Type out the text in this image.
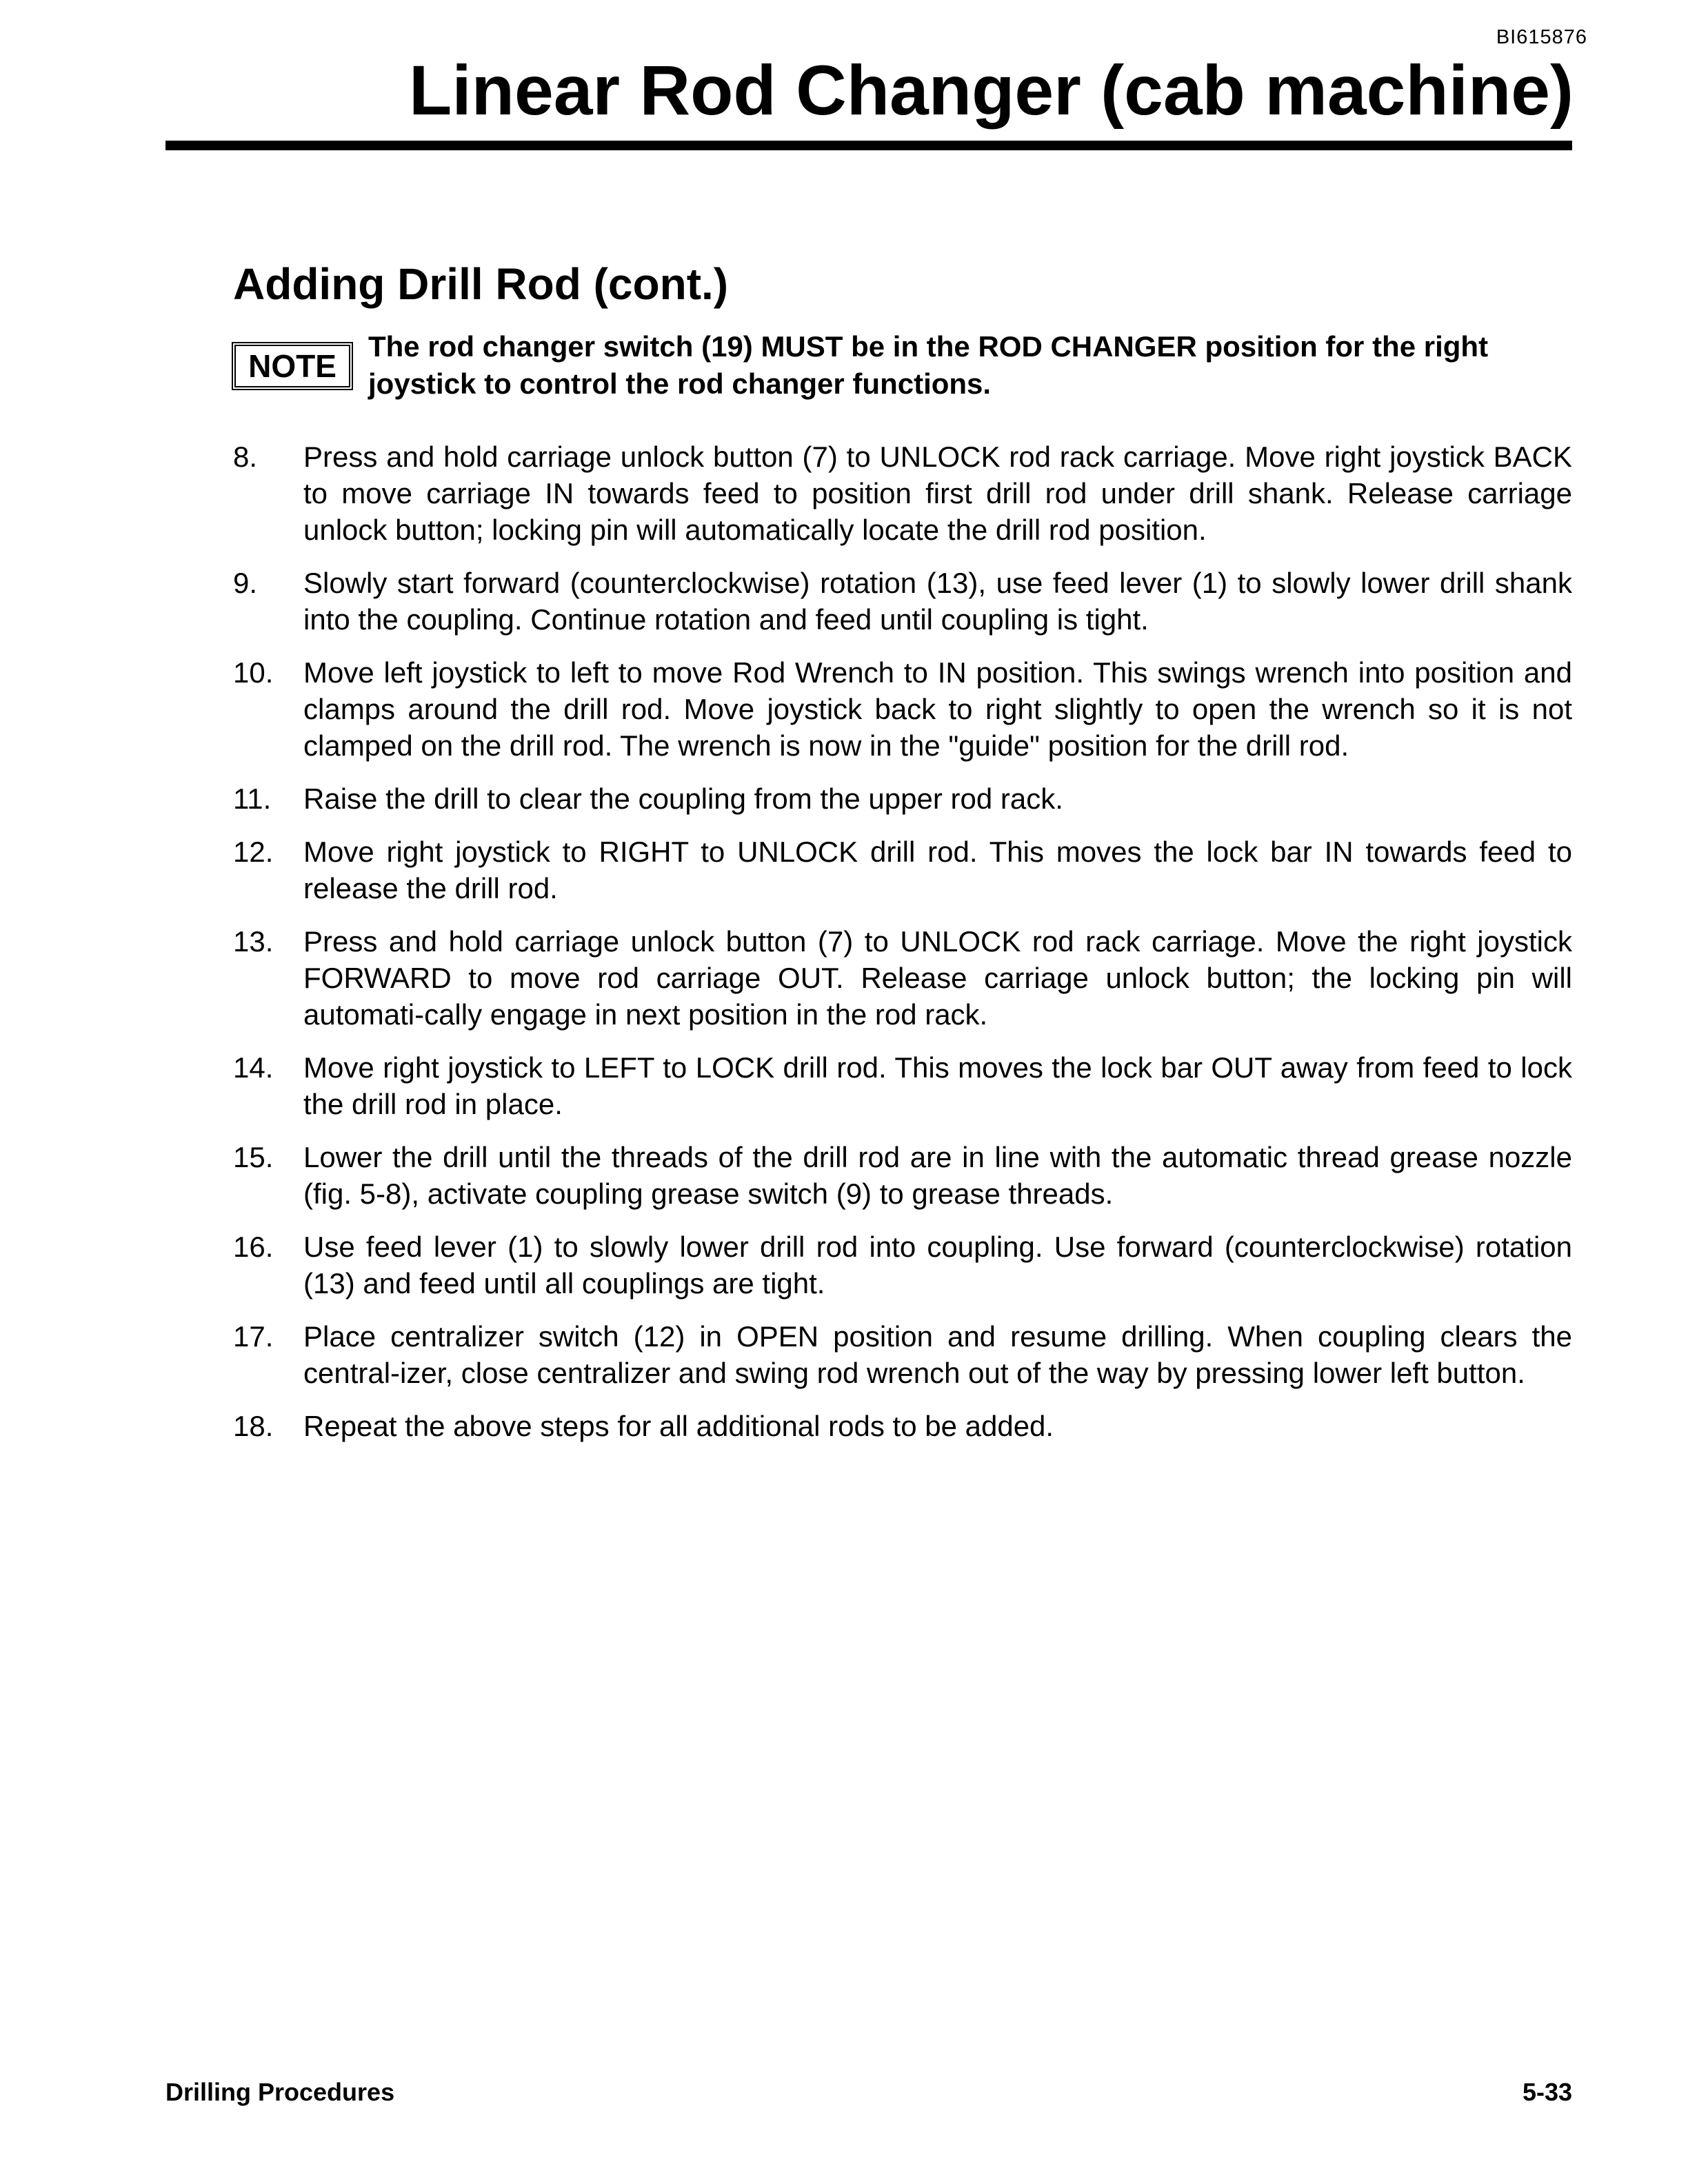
BI615876
Linear Rod Changer (cab machine)
Adding Drill Rod (cont.)
NOTE
The rod changer switch (19) MUST be in the ROD CHANGER position for the right joystick to control the rod changer functions.
8.	Press and hold carriage unlock button (7) to UNLOCK rod rack carriage. Move right joystick BACK to move carriage IN towards feed to position first drill rod under drill shank. Release carriage unlock button; locking pin will automatically locate the drill rod position.
9.	Slowly start forward (counterclockwise) rotation (13), use feed lever (1) to slowly lower drill shank into the coupling. Continue rotation and feed until coupling is tight.
10.	Move left joystick to left to move Rod Wrench to IN position. This swings wrench into position and clamps around the drill rod. Move joystick back to right slightly to open the wrench so it is not clamped on the drill rod. The wrench is now in the "guide" position for the drill rod.
11.	Raise the drill to clear the coupling from the upper rod rack.
12.	Move right joystick to RIGHT to UNLOCK drill rod. This moves the lock bar IN towards feed to release the drill rod.
13.	Press and hold carriage unlock button (7) to UNLOCK rod rack carriage. Move the right joystick FORWARD to move rod carriage OUT. Release carriage unlock button; the locking pin will automati-cally engage in next position in the rod rack.
14.	Move right joystick to LEFT to LOCK drill rod. This moves the lock bar OUT away from feed to lock the drill rod in place.
15.	Lower the drill until the threads of the drill rod are in line with the automatic thread grease nozzle (fig. 5-8), activate coupling grease switch (9) to grease threads.
16.	Use feed lever (1) to slowly lower drill rod into coupling. Use forward (counterclockwise) rotation (13) and feed until all couplings are tight.
17.	Place centralizer switch (12) in OPEN position and resume drilling. When coupling clears the central-izer, close centralizer and swing rod wrench out of the way by pressing lower left button.
18.	Repeat the above steps for all additional rods to be added.
Drilling Procedures	5-33
